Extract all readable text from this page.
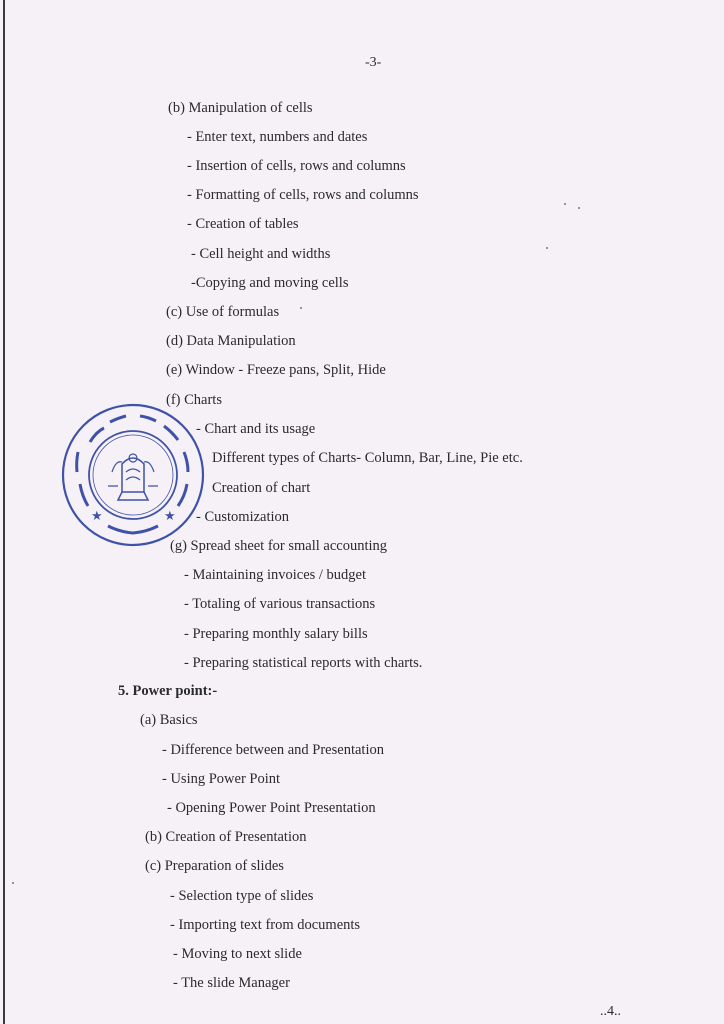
-3-
★	★
(b) Manipulation of cells
- Enter text, numbers and dates
- Insertion of cells, rows and columns
- Formatting of cells, rows and columns
- Creation of tables
- Cell height and widths
-Copying and moving cells
(c) Use of formulas
(d) Data Manipulation
(e) Window - Freeze pans, Split, Hide
(f) Charts
- Chart and its usage
Different types of Charts- Column, Bar, Line, Pie etc.
Creation of chart
- Customization
(g) Spread sheet for small accounting
- Maintaining invoices / budget
- Totaling of various transactions
- Preparing monthly salary bills
- Preparing statistical reports with charts.
5. Power point:-
(a) Basics
- Difference between and Presentation
- Using Power Point
- Opening Power Point Presentation
(b) Creation of Presentation
(c) Preparation of slides
- Selection type of slides
- Importing text from documents
- Moving to next slide
- The slide Manager
..4..
